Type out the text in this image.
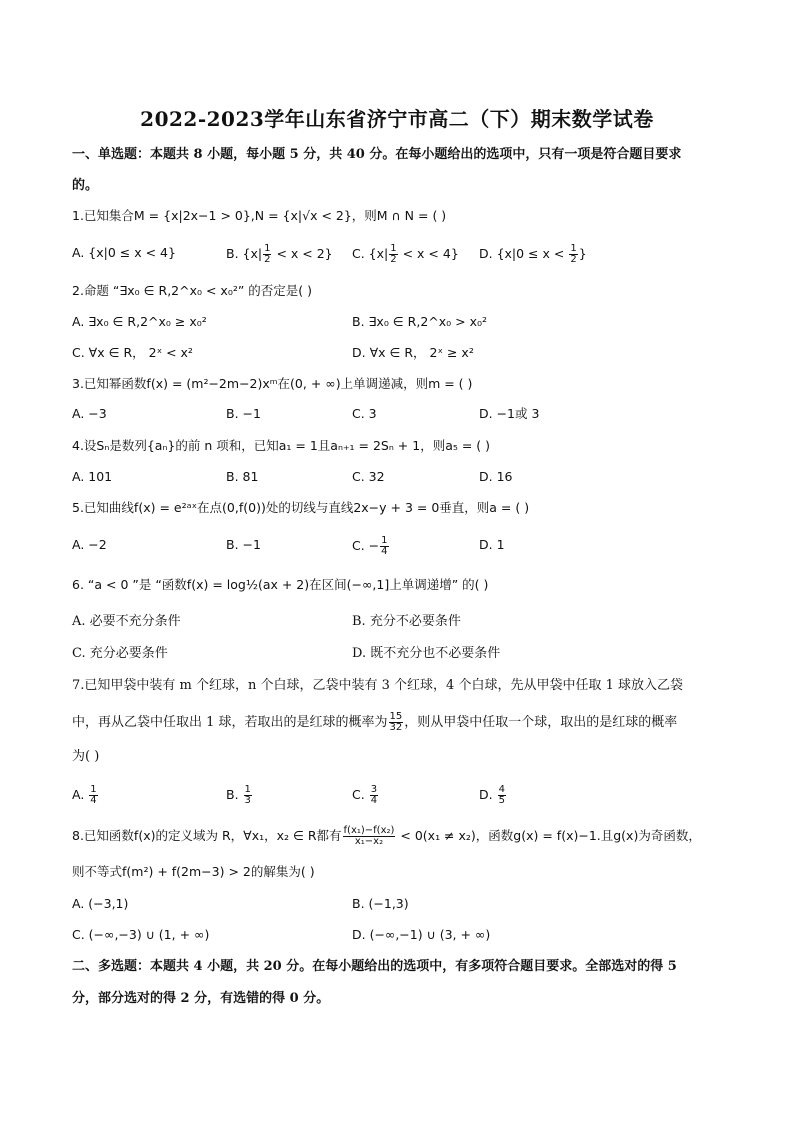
2022-2023学年山东省济宁市高二（下）期末数学试卷
一、单选题：本题共 8 小题，每小题 5 分，共 40 分。在每小题给出的选项中，只有一项是符合题目要求
的。
1.已知集合M = {x|2x−1 > 0},N = {x|√x < 2}，则M ∩ N = ( )
A. {x|0 ≤ x < 4}	B. $\{x| \frac{1}{2} < x < 2\}$ C. $\{x| \frac{1}{2} < x < 4\}$ D. {$x|0 \le x < \frac{1}{2}$ }
2.命题 “∃x₀ ∈ R,2^x₀ < x₀²” 的否定是( )
A. ∃x₀ ∈ R,2^x₀ ≥ x₀²	B. ∃x₀ ∈ R,2^x₀ > x₀²
C. ∀x ∈ R， 2ˣ < x²	D. ∀x ∈ R， 2ˣ ≥ x²
3.已知幂函数f(x) = (m²−2m−2)xᵐ在(0, + ∞)上单调递减，则m = ( )
A. −3	B. −1	C. 3	D. −1或 3
4.设Sₙ是数列{aₙ}的前 n 项和，已知a₁ = 1且aₙ₊₁ = 2Sₙ + 1，则a₅ = ( )
A. 101	B. 81	C. 32	D. 16
5.已知曲线f(x) = e²ᵃˣ在点(0,f(0))处的切线与直线2x−y + 3 = 0垂直，则a = ( )
A. −2	B. −1	C. − $\frac{1}{4}$	D. 1
6. “a < 0 ”是 “函数f(x) = log½(ax + 2)在区间(−∞,1]上单调递增” 的( )
A. 必要不充分条件	B. 充分不必要条件
C. 充分必要条件	D. 既不充分也不必要条件
7.已知甲袋中装有 m 个红球，n 个白球，乙袋中装有 3 个红球，4 个白球，先从甲袋中任取 1 球放入乙袋
中，再从乙袋中任取出 1 球，若取出的是红球的概率为 $\frac{15}{32}$ ，则从甲袋中任取一个球，取出的是红球的概率
为( )
A. $\frac{1}{4}$	B. $\frac{1}{3}$	C. $\frac{3}{4}$	D. $\frac{4}{5}$
8.已知函数f(x)的定义域为 R，∀x₁，x₂ ∈ R都有 $\frac{\text{f(x₁)−f(x₂)}}{\text{x₁−x₂}} < 0(x_1 \ne x_2)$，函数g(x) = f(x)−1.且g(x)为奇函数，
则不等式f(m²) + f(2m−3) > 2的解集为( )
A. (−3,1)	B. (−1,3)
C. (−∞,−3) ∪ (1, + ∞)	D. (−∞,−1) ∪ (3, + ∞)
二、多选题：本题共 4 小题，共 20 分。在每小题给出的选项中，有多项符合题目要求。全部选对的得 5
分，部分选对的得 2 分，有选错的得 0 分。
